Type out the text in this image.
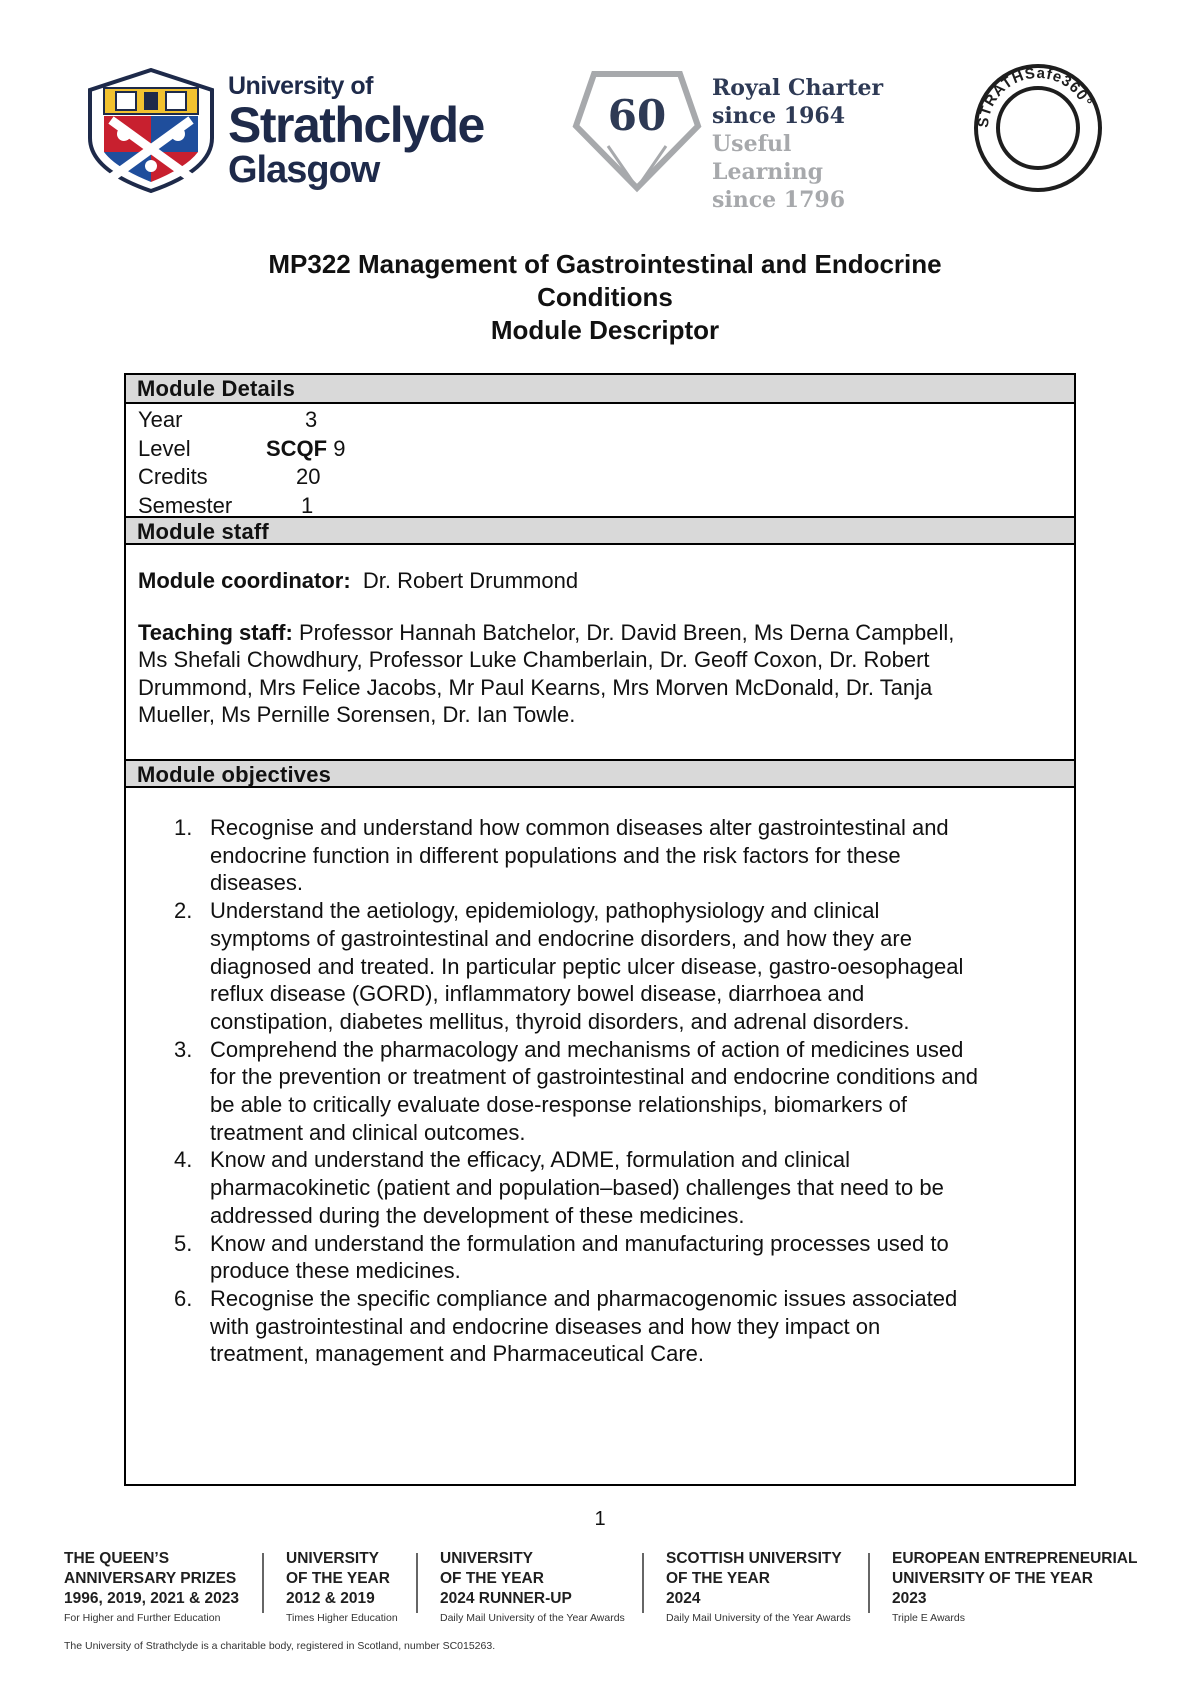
University of
Strathclyde
Glasgow
60
Royal Charter
since 1964
Useful Learning
since 1796
STRATHSafe360°
MP322 Management of Gastrointestinal and Endocrine
Conditions
Module Descriptor
Module Details
Year	3
Level	SCQF 9
Credits	20
Semester	1
Module staff
Module coordinator: Dr. Robert Drummond
Teaching staff: Professor Hannah Batchelor, Dr. David Breen, Ms Derna Campbell,
Ms Shefali Chowdhury, Professor Luke Chamberlain, Dr. Geoff Coxon, Dr. Robert
Drummond, Mrs Felice Jacobs, Mr Paul Kearns, Mrs Morven McDonald, Dr. Tanja
Mueller, Ms Pernille Sorensen, Dr. Ian Towle.
Module objectives
1. Recognise and understand how common diseases alter gastrointestinal and
endocrine function in different populations and the risk factors for these
diseases.
2. Understand the aetiology, epidemiology, pathophysiology and clinical
symptoms of gastrointestinal and endocrine disorders, and how they are
diagnosed and treated. In particular peptic ulcer disease, gastro-oesophageal
reflux disease (GORD), inflammatory bowel disease, diarrhoea and
constipation, diabetes mellitus, thyroid disorders, and adrenal disorders.
3. Comprehend the pharmacology and mechanisms of action of medicines used
for the prevention or treatment of gastrointestinal and endocrine conditions and
be able to critically evaluate dose-response relationships, biomarkers of
treatment and clinical outcomes.
4. Know and understand the efficacy, ADME, formulation and clinical
pharmacokinetic (patient and population–based) challenges that need to be
addressed during the development of these medicines.
5. Know and understand the formulation and manufacturing processes used to
produce these medicines.
6. Recognise the specific compliance and pharmacogenomic issues associated
with gastrointestinal and endocrine diseases and how they impact on
treatment, management and Pharmaceutical Care.
1
THE QUEEN’S
ANNIVERSARY PRIZES
1996, 2019, 2021 & 2023
For Higher and Further Education
UNIVERSITY
OF THE YEAR
2012 & 2019
Times Higher Education
UNIVERSITY
OF THE YEAR
2024 RUNNER-UP
Daily Mail University of the Year Awards
SCOTTISH UNIVERSITY
OF THE YEAR
2024
Daily Mail University of the Year Awards
EUROPEAN ENTREPRENEURIAL
UNIVERSITY OF THE YEAR
2023
Triple E Awards
The University of Strathclyde is a charitable body, registered in Scotland, number SC015263.
